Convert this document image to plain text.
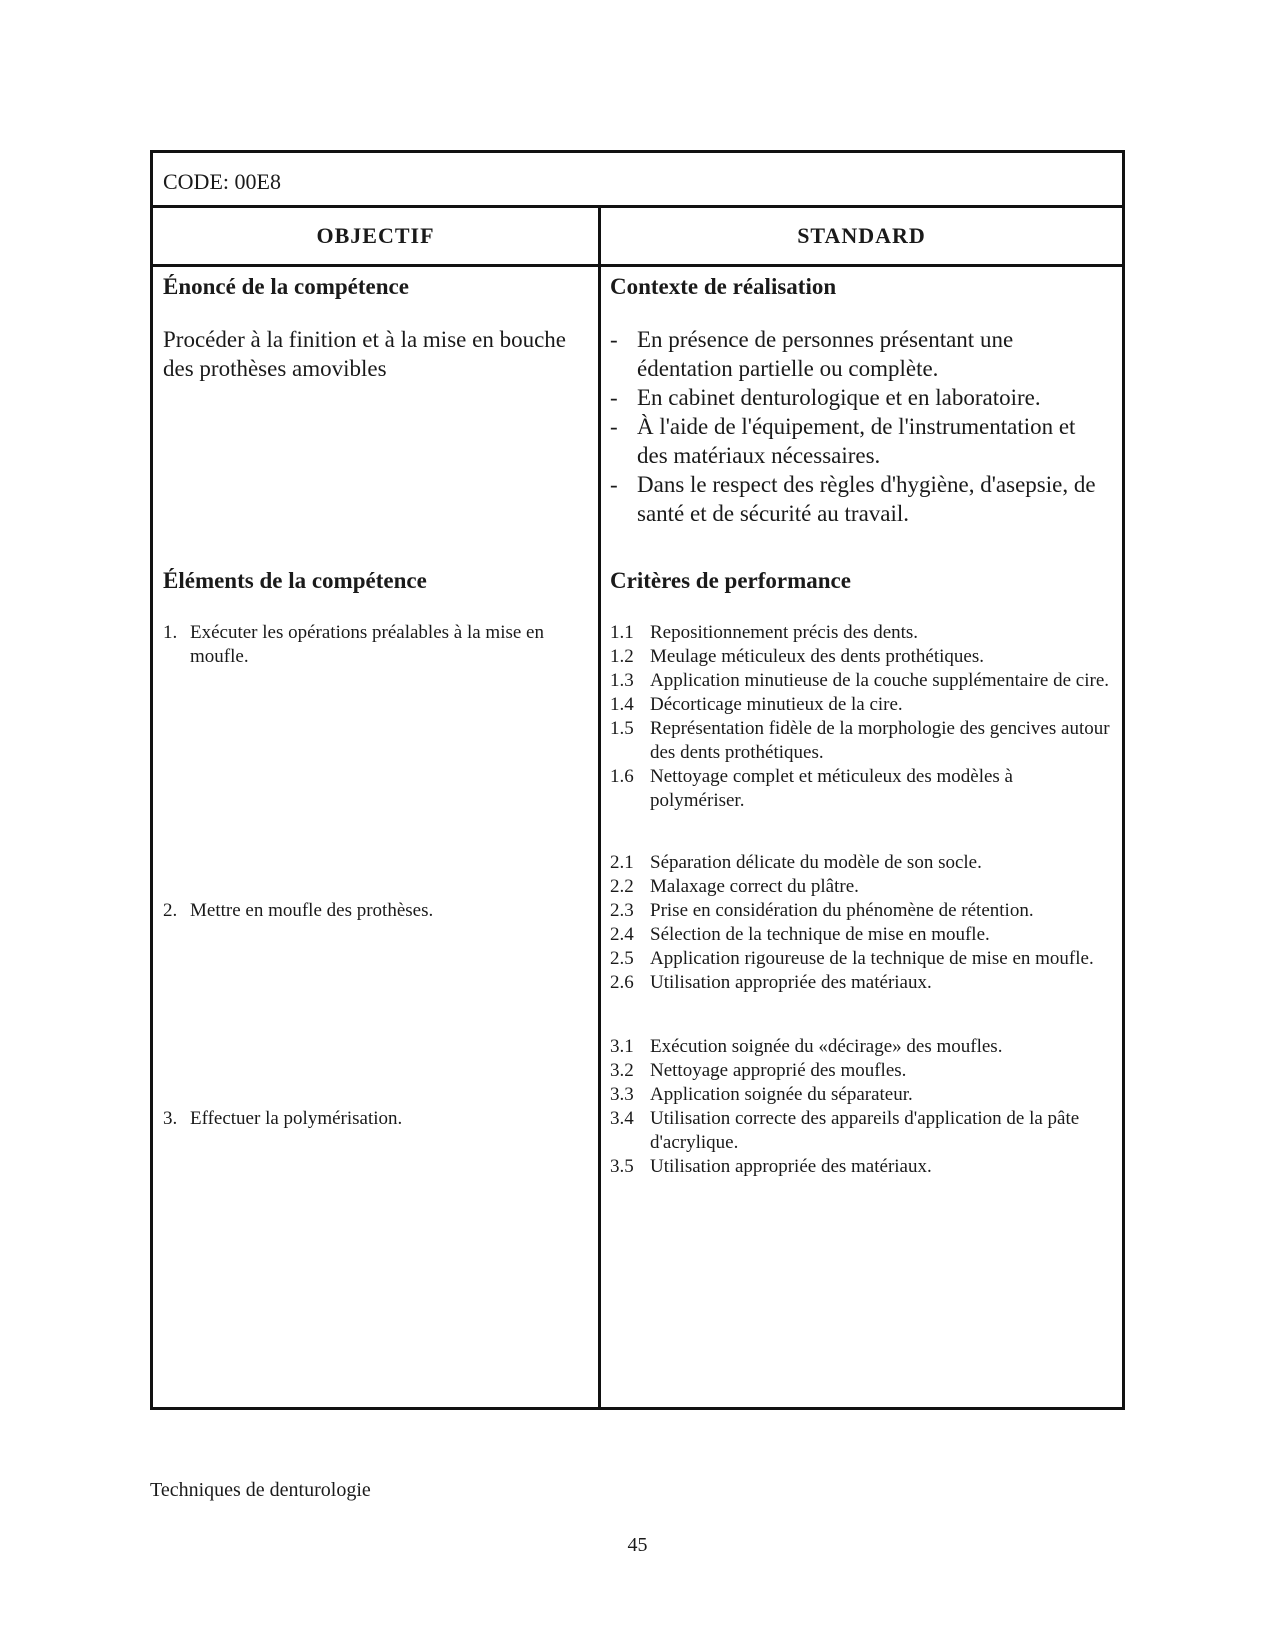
CODE: 00E8
OBJECTIF	STANDARD
Énoncé de la compétence
Procéder à la finition et à la mise en bouche des prothèses amovibles
Contexte de réalisation
- En présence de personnes présentant une édentation partielle ou complète.
- En cabinet denturologique et en laboratoire.
- À l'aide de l'équipement, de l'instrumentation et des matériaux nécessaires.
- Dans le respect des règles d'hygiène, d'asepsie, de santé et de sécurité au travail.
Éléments de la compétence
1. Exécuter les opérations préalables à la mise en moufle.
2. Mettre en moufle des prothèses.
3. Effectuer la polymérisation.
Critères de performance
1.1 Repositionnement précis des dents.
1.2 Meulage méticuleux des dents prothétiques.
1.3 Application minutieuse de la couche supplémentaire de cire.
1.4 Décorticage minutieux de la cire.
1.5 Représentation fidèle de la morphologie des gencives autour des dents prothétiques.
1.6 Nettoyage complet et méticuleux des modèles à polymériser.
2.1 Séparation délicate du modèle de son socle.
2.2 Malaxage correct du plâtre.
2.3 Prise en considération du phénomène de rétention.
2.4 Sélection de la technique de mise en moufle.
2.5 Application rigoureuse de la technique de mise en moufle.
2.6 Utilisation appropriée des matériaux.
3.1 Exécution soignée du «décirage» des moufles.
3.2 Nettoyage approprié des moufles.
3.3 Application soignée du séparateur.
3.4 Utilisation correcte des appareils d'application de la pâte d'acrylique.
3.5 Utilisation appropriée des matériaux.
Techniques de denturologie
45
